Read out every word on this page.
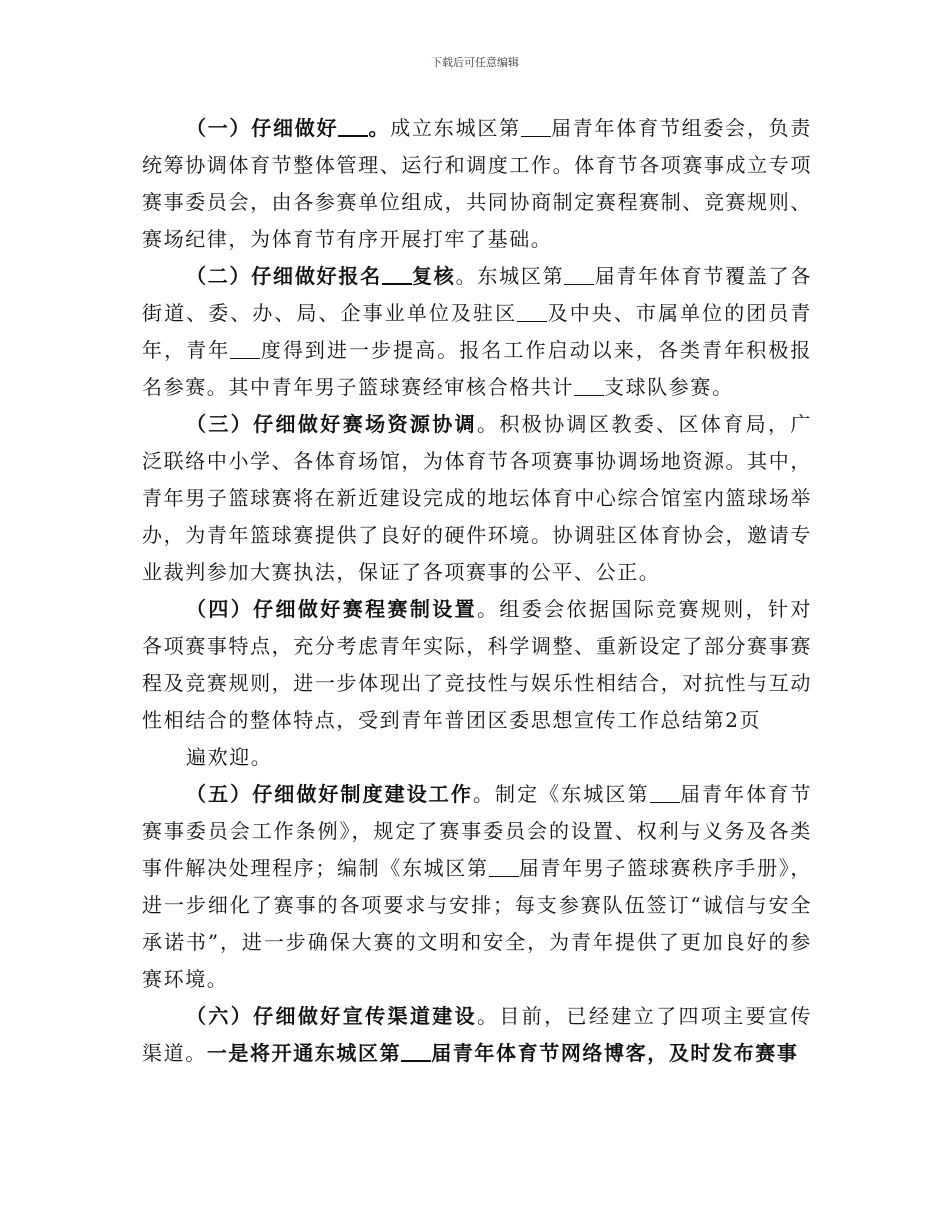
下载后可任意编辑

（一）仔细做好 。成立东城区第 届青年体育节组委会，负责统筹协调体育节整体管理、运行和调度工作。体育节各项赛事成立专项赛事委员会，由各参赛单位组成，共同协商制定赛程赛制、竞赛规则、赛场纪律，为体育节有序开展打牢了基础。

（二）仔细做好报名 复核。东城区第 届青年体育节覆盖了各街道、委、办、局、企事业单位及驻区 及中央、市属单位的团员青年，青年 度得到进一步提高。报名工作启动以来，各类青年积极报名参赛。其中青年男子篮球赛经审核合格共计 支球队参赛。

（三）仔细做好赛场资源协调。积极协调区教委、区体育局，广泛联络中小学、各体育场馆，为体育节各项赛事协调场地资源。其中，青年男子篮球赛将在新近建设完成的地坛体育中心综合馆室内篮球场举办，为青年篮球赛提供了良好的硬件环境。协调驻区体育协会，邀请专业裁判参加大赛执法，保证了各项赛事的公平、公正。

（四）仔细做好赛程赛制设置。组委会依据国际竞赛规则，针对各项赛事特点，充分考虑青年实际，科学调整、重新设定了部分赛事赛程及竞赛规则，进一步体现出了竞技性与娱乐性相结合，对抗性与互动性相结合的整体特点，受到青年普团区委思想宣传工作总结第2页

遍欢迎。

（五）仔细做好制度建设工作。制定《东城区第 届青年体育节赛事委员会工作条例》，规定了赛事委员会的设置、权利与义务及各类事件解决处理程序；编制《东城区第 届青年男子篮球赛秩序手册》，进一步细化了赛事的各项要求与安排；每支参赛队伍签订“诚信与安全承诺书”，进一步确保大赛的文明和安全，为青年提供了更加良好的参赛环境。

（六）仔细做好宣传渠道建设。目前，已经建立了四项主要宣传渠道。一是将开通东城区第 届青年体育节网络博客，及时发布赛事
